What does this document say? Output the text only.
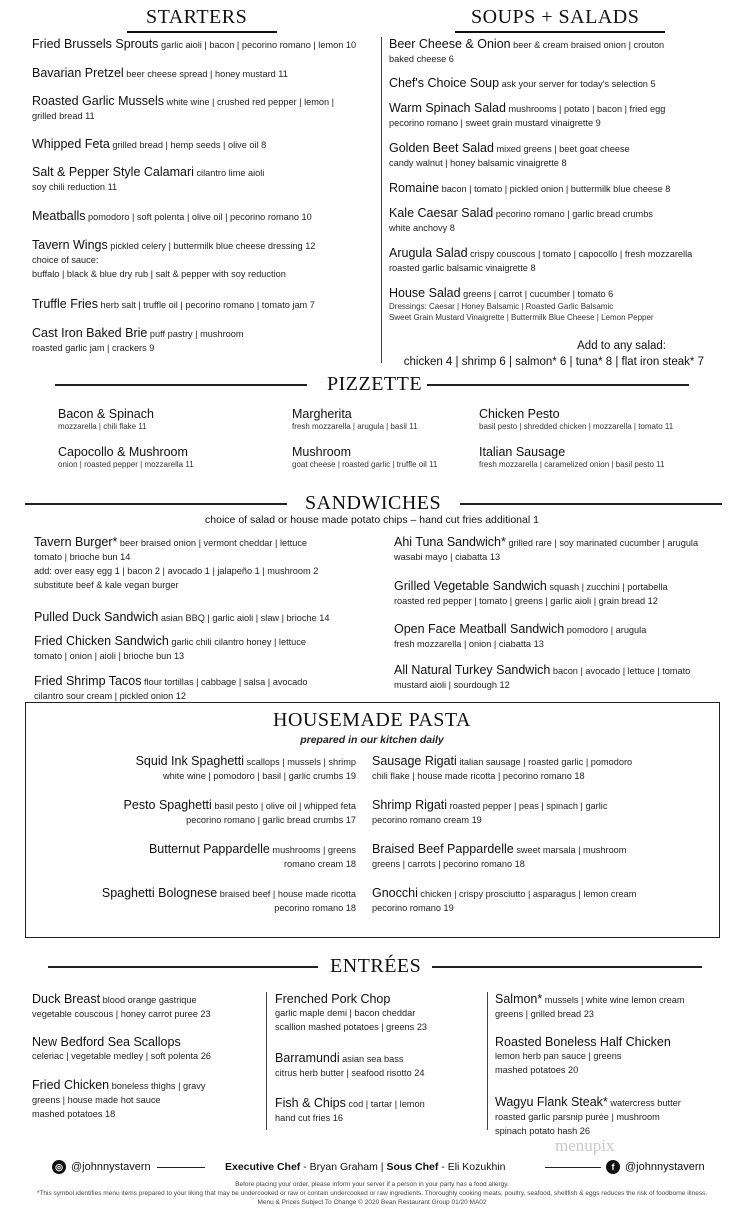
STARTERS
Fried Brussels Sprouts garlic aioli | bacon | pecorino romano | lemon 10
Bavarian Pretzel beer cheese spread | honey mustard 11
Roasted Garlic Mussels white wine | crushed red pepper | lemon |
grilled bread 11
Whipped Feta grilled bread | hemp seeds | olive oil 8
Salt & Pepper Style Calamari cilantro lime aioli
soy chili reduction 11
Meatballs pomodoro | soft polenta | olive oil | pecorino romano 10
Tavern Wings pickled celery | buttermilk blue cheese dressing 12
choice of sauce:
buffalo | black & blue dry rub | salt & pepper with soy reduction
Truffle Fries herb salt | truffle oil | pecorino romano | tomato jam 7
Cast Iron Baked Brie puff pastry | mushroom
roasted garlic jam | crackers 9
SOUPS + SALADS
Beer Cheese & Onion beer & cream braised onion | crouton
baked cheese 6
Chef's Choice Soup ask your server for today's selection 5
Warm Spinach Salad mushrooms | potato | bacon | fried egg
pecorino romano | sweet grain mustard vinaigrette 9
Golden Beet Salad mixed greens | beet goat cheese
candy walnut | honey balsamic vinaigrette 8
Romaine bacon | tomato | pickled onion | buttermilk blue cheese 8
Kale Caesar Salad pecorino romano | garlic bread crumbs
white anchovy 8
Arugula Salad crispy couscous | tomato | capocollo | fresh mozzarella
roasted garlic balsamic vinaigrette 8
House Salad greens | carrot | cucumber | tomato 6
Dressings: Caesar | Honey Balsamic | Roasted Garlic Balsamic
Sweet Grain Mustard Vinaigrette | Buttermilk Blue Cheese | Lemon Pepper
Add to any salad:
chicken 4 | shrimp 6 | salmon* 6 | tuna* 8 | flat iron steak* 7
PIZZETTE
Bacon & Spinach
mozzarella | chili flake 11
Margherita
fresh mozzarella | arugula | basil 11
Chicken Pesto
basil pesto | shredded chicken | mozzarella | tomato 11
Capocollo & Mushroom
onion | roasted pepper | mozzarella 11
Mushroom
goat cheese | roasted garlic | truffle oil 11
Italian Sausage
fresh mozzarella | caramelized onion | basil pesto 11
SANDWICHES
choice of salad or house made potato chips – hand cut fries additional 1
Tavern Burger* beer braised onion | vermont cheddar | lettuce
tomato | brioche bun 14
add: over easy egg 1 | bacon 2 | avocado 1 | jalapeño 1 | mushroom 2
substitute beef & kale vegan burger
Pulled Duck Sandwich asian BBQ | garlic aioli | slaw | brioche 14
Fried Chicken Sandwich garlic chili cilantro honey | lettuce
tomato | onion | aioli | brioche bun 13
Fried Shrimp Tacos flour tortillas | cabbage | salsa | avocado
cilantro sour cream | pickled onion 12
Ahi Tuna Sandwich* grilled rare | soy marinated cucumber | arugula
wasabi mayo | ciabatta 13
Grilled Vegetable Sandwich squash | zucchini | portabella
roasted red pepper | tomato | greens | garlic aioli | grain bread 12
Open Face Meatball Sandwich pomodoro | arugula
fresh mozzarella | onion | ciabatta 13
All Natural Turkey Sandwich bacon | avocado | lettuce | tomato
mustard aioli | sourdough 12
HOUSEMADE PASTA
prepared in our kitchen daily
Squid Ink Spaghetti scallops | mussels | shrimp
white wine | pomodoro | basil | garlic crumbs 19
Pesto Spaghetti basil pesto | olive oil | whipped feta
pecorino romano | garlic bread crumbs 17
Butternut Pappardelle mushrooms | greens
romano cream 18
Spaghetti Bolognese braised beef | house made ricotta
pecorino romano 18
Sausage Rigati italian sausage | roasted garlic | pomodoro
chili flake | house made ricotta | pecorino romano 18
Shrimp Rigati roasted pepper | peas | spinach | garlic
pecorino romano cream 19
Braised Beef Pappardelle sweet marsala | mushroom
greens | carrots | pecorino romano 18
Gnocchi chicken | crispy prosciutto | asparagus | lemon cream
pecorino romano 19
ENTRÉES
Duck Breast blood orange gastrique
vegetable couscous | honey carrot puree 23
New Bedford Sea Scallops
celeriac | vegetable medley | soft polenta 26
Fried Chicken boneless thighs | gravy
greens | house made hot sauce
mashed potatoes 18
Frenched Pork Chop
garlic maple demi | bacon cheddar
scallion mashed potatoes | greens 23
Barramundi asian sea bass
citrus herb butter | seafood risotto 24
Fish & Chips cod | tartar | lemon
hand cut fries 16
Salmon* mussels | white wine lemon cream
greens | grilled bread 23
Roasted Boneless Half Chicken
lemon herb pan sauce | greens
mashed potatoes 20
Wagyu Flank Steak* watercress butter
roasted garlic parsnip purée | mushroom
spinach potato hash 26
menupix
◎ @johnnystavern	Executive Chef - Bryan Graham | Sous Chef - Eli Kozukhin	f @johnnystavern
Before placing your order, please inform your server if a person in your party has a food allergy.
*This symbol identifies menu items prepared to your liking that may be undercooked or raw or contain undercooked or raw ingredients. Thoroughly cooking meats, poultry, seafood, shellfish & eggs reduces the risk of foodborne illness.
Menu & Prices Subject To Change © 2020 Bean Restaurant Group 01/20 MA02
